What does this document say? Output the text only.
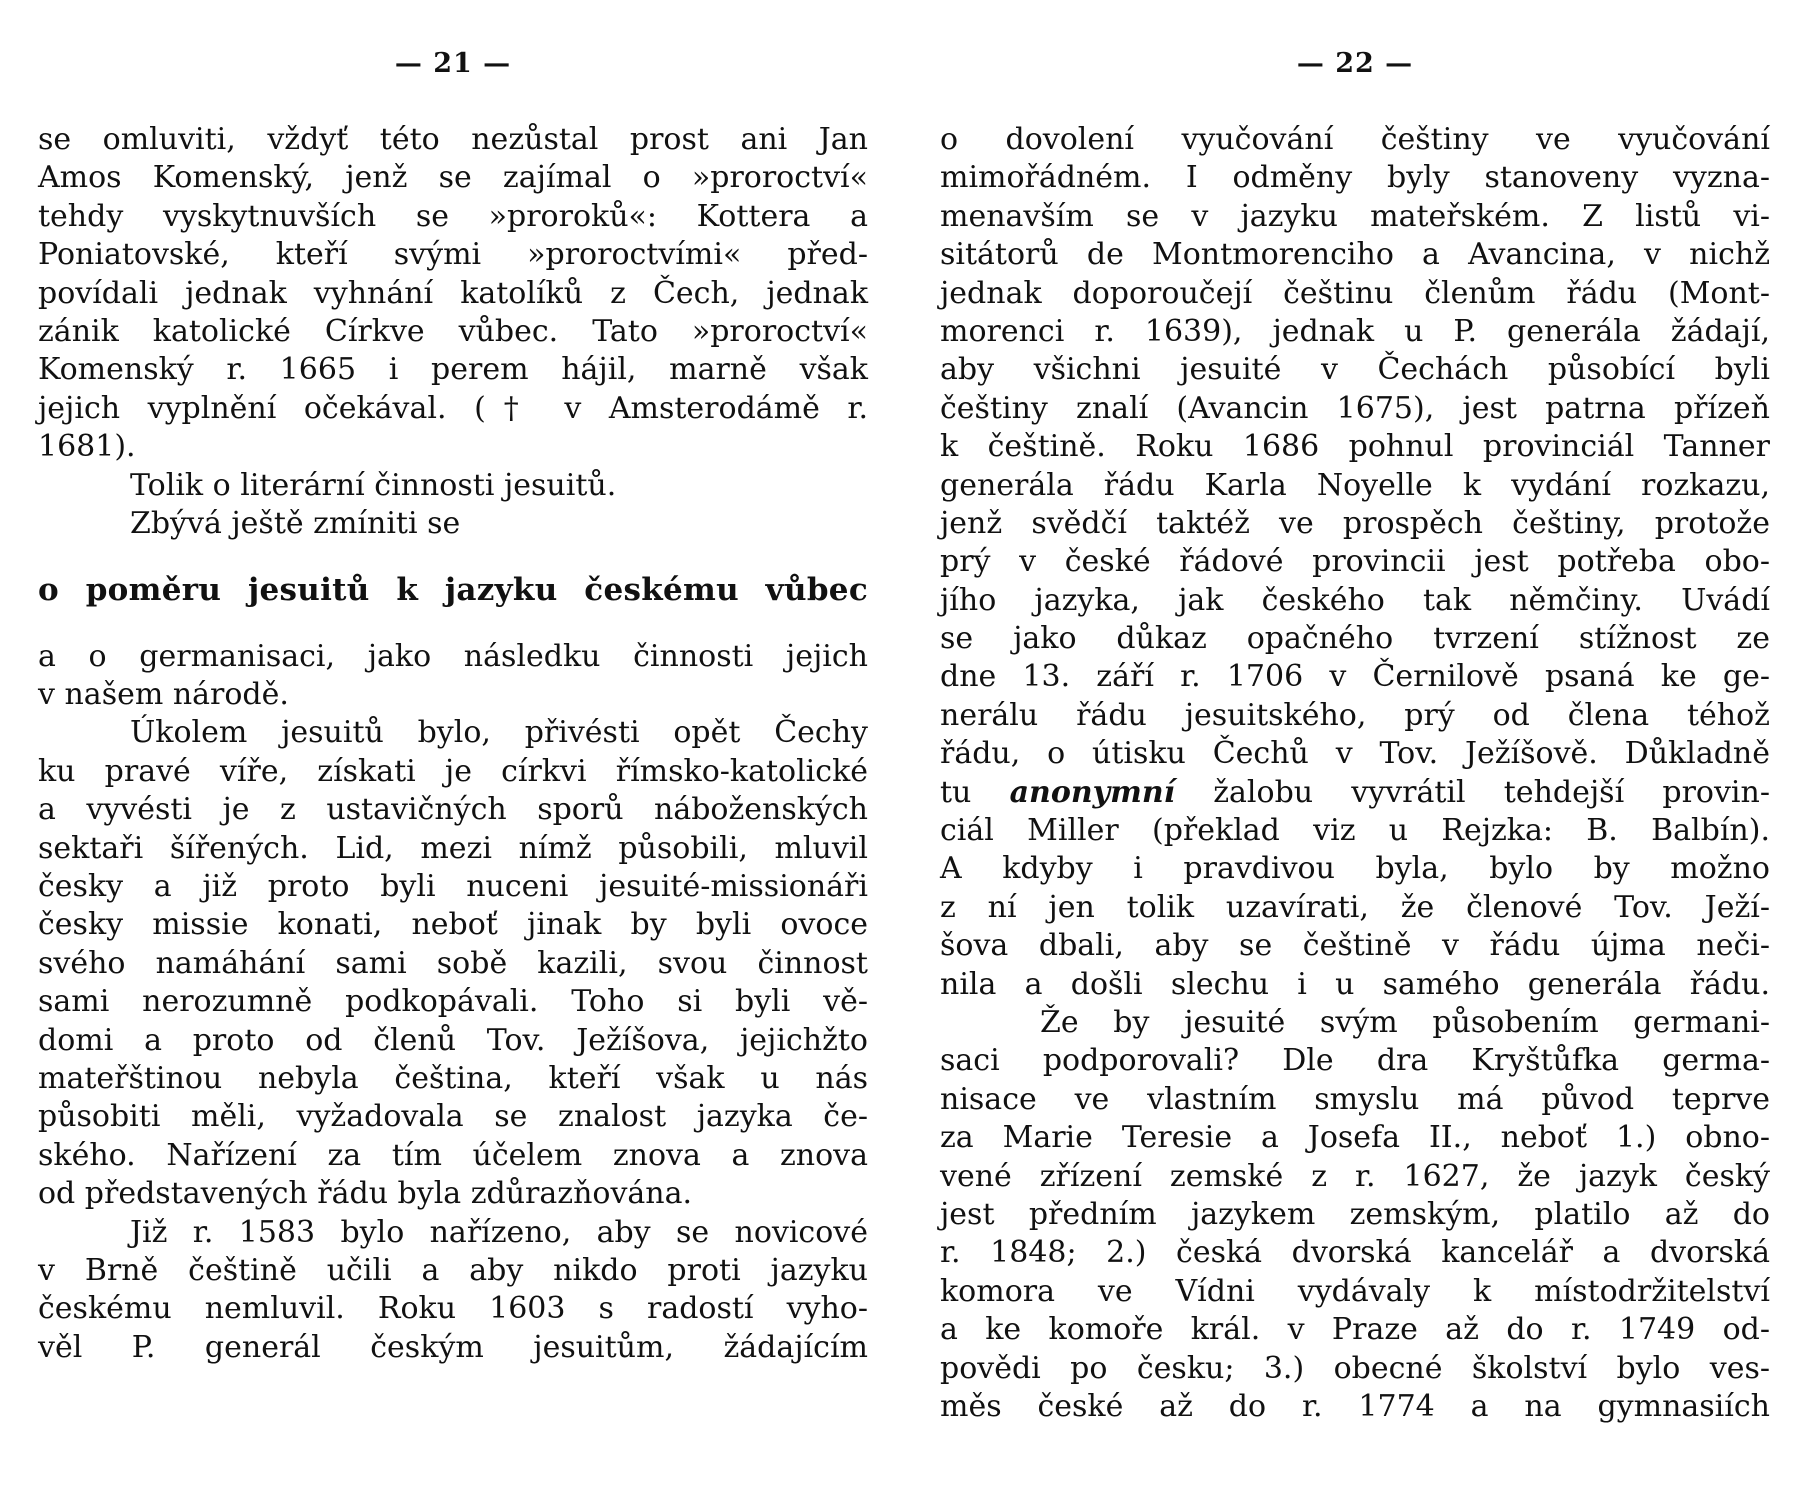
— 21 —
se omluviti, vždyť této nezůstal prost ani Jan
Amos Komenský, jenž se zajímal o »proroctví«
tehdy vyskytnuvších se »proroků«: Kottera a
Poniatovské, kteří svými »proroctvími« před-
povídali jednak vyhnání katolíků z Čech, jednak
zánik katolické Církve vůbec. Tato »proroctví«
Komenský r. 1665 i perem hájil, marně však
jejich vyplnění očekával. († v Amsterodámě r.
1681).
Tolik o literární činnosti jesuitů.
Zbývá ještě zmíniti se
o poměru jesuitů k jazyku českému vůbec
a o germanisaci, jako následku činnosti jejich
v našem národě.
Úkolem jesuitů bylo, přivésti opět Čechy
ku pravé víře, získati je církvi římsko-katolické
a vyvésti je z ustavičných sporů náboženských
sektaři šířených. Lid, mezi nímž působili, mluvil
česky a již proto byli nuceni jesuité-missionáři
česky missie konati, neboť jinak by byli ovoce
svého namáhání sami sobě kazili, svou činnost
sami nerozumně podkopávali. Toho si byli vě-
domi a proto od členů Tov. Ježíšova, jejichžto
mateřštinou nebyla čeština, kteří však u nás
působiti měli, vyžadovala se znalost jazyka če-
ského. Nařízení za tím účelem znova a znova
od představených řádu byla zdůrazňována.
Již r. 1583 bylo nařízeno, aby se novicové
v Brně češtině učili a aby nikdo proti jazyku
českému nemluvil. Roku 1603 s radostí vyho-
věl P. generál českým jesuitům, žádajícím
— 22 —
o dovolení vyučování češtiny ve vyučování
mimořádném. I odměny byly stanoveny vyzna-
menavším se v jazyku mateřském. Z listů vi-
sitátorů de Montmorenciho a Avancina, v nichž
jednak doporoučejí češtinu členům řádu (Mont-
morenci r. 1639), jednak u P. generála žádají,
aby všichni jesuité v Čechách působící byli
češtiny znalí (Avancin 1675), jest patrna přízeň
k češtině. Roku 1686 pohnul provinciál Tanner
generála řádu Karla Noyelle k vydání rozkazu,
jenž svědčí taktéž ve prospěch češtiny, protože
prý v české řádové provincii jest potřeba obo-
jího jazyka, jak českého tak němčiny. Uvádí
se jako důkaz opačného tvrzení stížnost ze
dne 13. září r. 1706 v Černilově psaná ke ge-
nerálu řádu jesuitského, prý od člena téhož
řádu, o útisku Čechů v Tov. Ježíšově. Důkladně
tu anonymní žalobu vyvrátil tehdejší provin-
ciál Miller (překlad viz u Rejzka: B. Balbín).
A kdyby i pravdivou byla, bylo by možno
z ní jen tolik uzavírati, že členové Tov. Ježí-
šova dbali, aby se češtině v řádu újma neči-
nila a došli slechu i u samého generála řádu.
Že by jesuité svým působením germani-
saci podporovali? Dle dra Kryštůfka germa-
nisace ve vlastním smyslu má původ teprve
za Marie Teresie a Josefa II., neboť 1.) obno-
vené zřízení zemské z r. 1627, že jazyk český
jest předním jazykem zemským, platilo až do
r. 1848; 2.) česká dvorská kancelář a dvorská
komora ve Vídni vydávaly k místodržitelství
a ke komoře král. v Praze až do r. 1749 od-
povědi po česku; 3.) obecné školství bylo ves-
měs české až do r. 1774 a na gymnasiích
